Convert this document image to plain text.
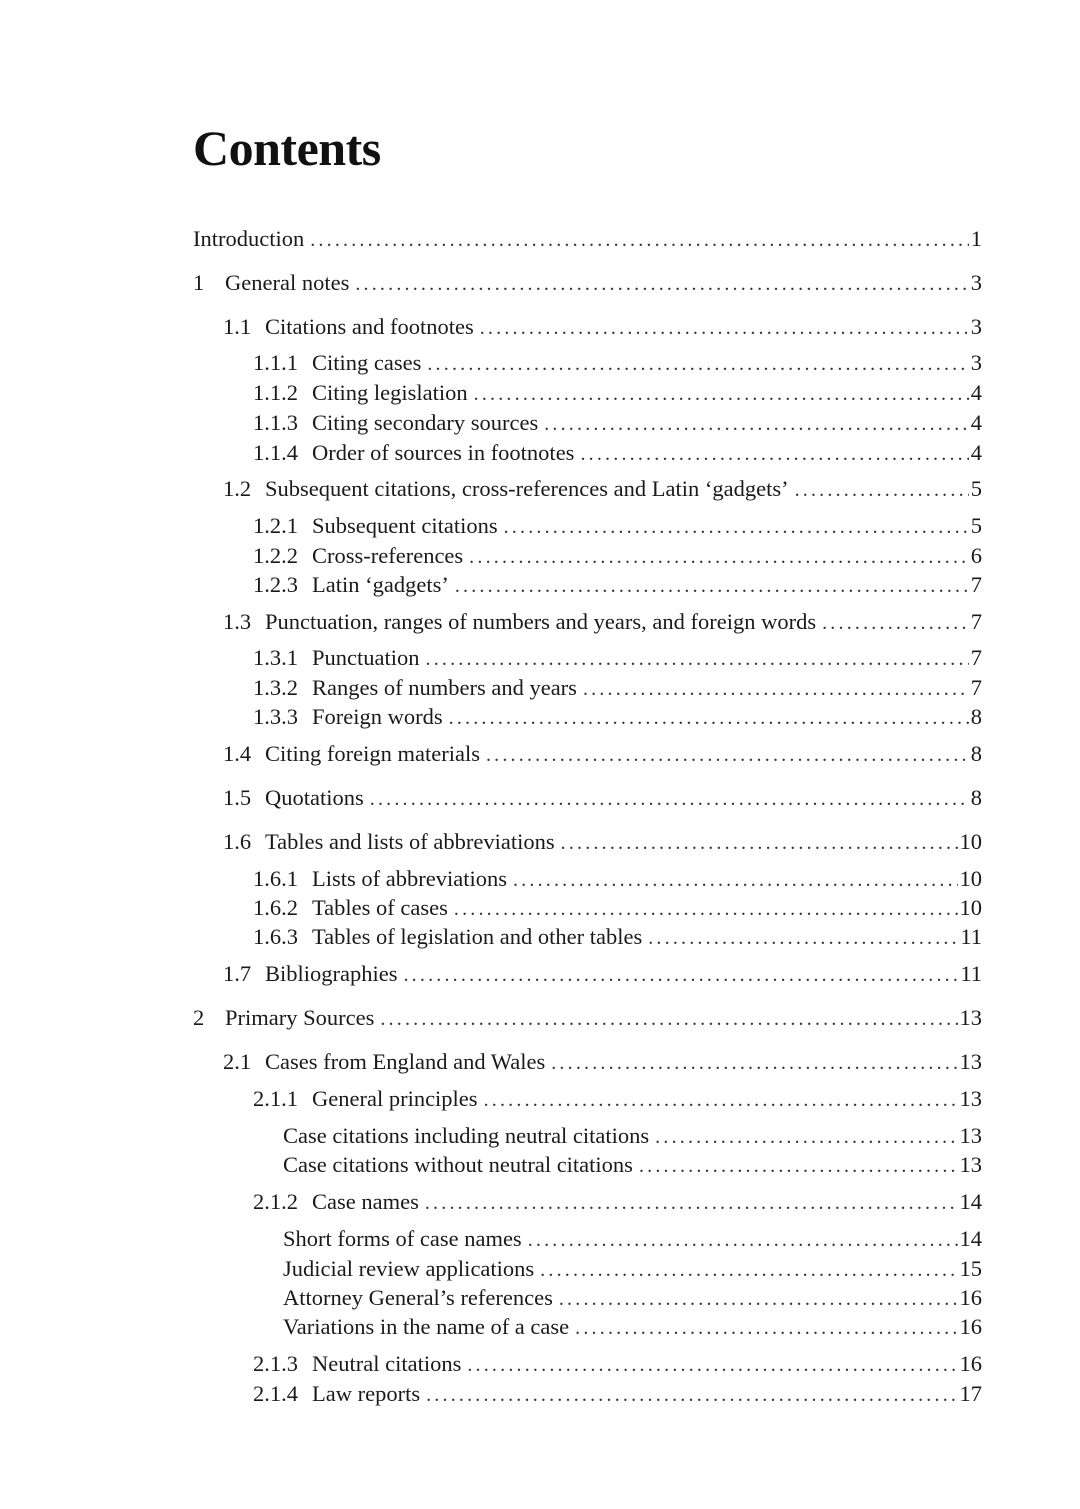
Contents
Introduction . . .	1
1 General notes . . .	3
1.1 Citations and footnotes . . .	3
1.1.1 Citing cases . . .	3
1.1.2 Citing legislation . . .	4
1.1.3 Citing secondary sources . . .	4
1.1.4 Order of sources in footnotes . . .	4
1.2 Subsequent citations, cross-references and Latin ‘gadgets’ . . .	5
1.2.1 Subsequent citations . . .	5
1.2.2 Cross-references . . .	6
1.2.3 Latin ‘gadgets’ . . .	7
1.3 Punctuation, ranges of numbers and years, and foreign words . . .	7
1.3.1 Punctuation . . .	7
1.3.2 Ranges of numbers and years . . .	7
1.3.3 Foreign words . . .	8
1.4 Citing foreign materials . . .	8
1.5 Quotations . . .	8
1.6 Tables and lists of abbreviations . . .	10
1.6.1 Lists of abbreviations . . .	10
1.6.2 Tables of cases . . .	10
1.6.3 Tables of legislation and other tables . . .	11
1.7 Bibliographies . . .	11
2 Primary Sources . . .	13
2.1 Cases from England and Wales . . .	13
2.1.1 General principles . . .	13
Case citations including neutral citations . . .	13
Case citations without neutral citations . . .	13
2.1.2 Case names . . .	14
Short forms of case names . . .	14
Judicial review applications . . .	15
Attorney General’s references . . .	16
Variations in the name of a case . . .	16
2.1.3 Neutral citations . . .	16
2.1.4 Law reports . . .	17
